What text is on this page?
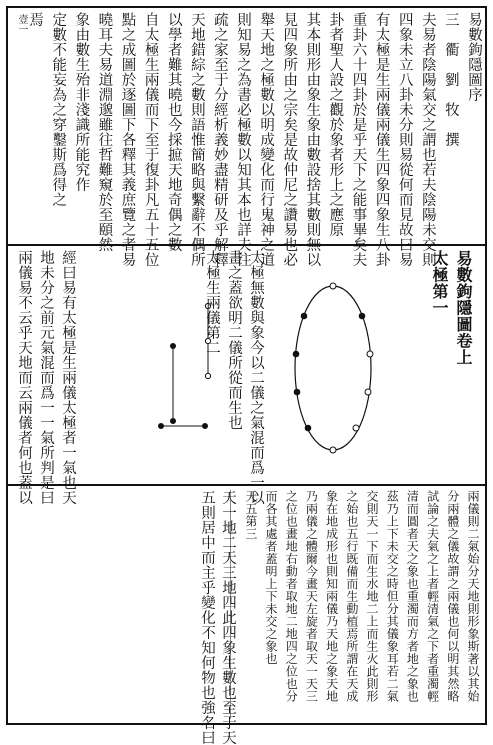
壹一	易數鉤隱圖序
三　衢　劉　牧　撰
夫易者陰陽氣交之謂也若夫陰陽未交則
四象未立八卦未分則易從何而見故曰易
有太極是生兩儀兩儀生四象四象生八卦
重卦六十四卦於是乎天下之能事畢矣夫
卦者聖人設之觀於象者形上之應原
其本則形由象生象由數設捨其數則無以
見四象所由之宗矣是故仲尼之讚易也必
舉天地之極數以明成變化而行鬼神之道
則知易之為書必極數以知其本也詳夫注
疏之家至于分經析義妙盡精研及乎解釋
天地錯綜之數則語惟簡略與繫辭不偶所
以學者難其曉也今採摭天地奇偶之數
自太極生兩儀而下至于復卦凡五十五位
點之成圖於逐圖下各釋其義庶覽之者易
曉耳夫易道淵邈雖往哲難窺於至頤然
象由數生殆非淺識所能究作
定數不能妄為之穿鑿斯爲得之
焉
易數鉤隱圖卷上
太極第一
太極無數與象今以二儀之氣混而爲一以
畫之蓋欲明二儀所從而生也
太極生兩儀第二
經曰易有太極是生兩儀太極者一氣也天
地未分之前元氣混而爲一一氣所判是曰
兩儀易不云乎天地而云兩儀者何也蓋以
兩儀則二氣始分天地則形象斯著以其始
分兩體之儀故謂之兩儀也何以明其然略
試論之夫氣之上者輕清氣之下者重濁輕
清而圓者天之象也重濁而方者地之象也
茲乃上下未交之時但分其儀象耳若二氣
交則天一下而生水地二上而生火此則形
之始也五行既備而生動植焉所謂在天成
象在地成形也則知兩儀乃天地之象天地
乃兩儀之體爾今畫天左旋者取天一天三
之位也畫地右動者取地二地四之位也分
而各其處者蓋明上下未交之象也
天五第三
天一地二天三地四此四象生數也至于天
五則居中而主乎變化不知何物也強名曰
